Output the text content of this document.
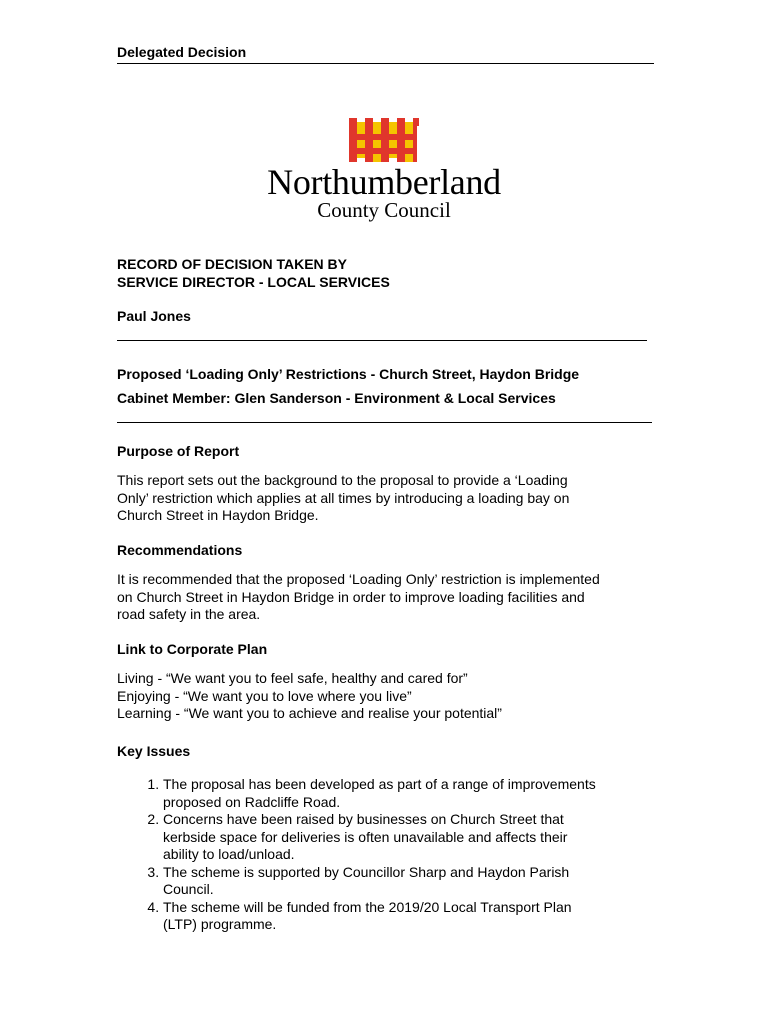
Delegated Decision
Northumberland
County Council
RECORD OF DECISION TAKEN BY
SERVICE DIRECTOR - LOCAL SERVICES
Paul Jones
Proposed ‘Loading Only’ Restrictions - Church Street, Haydon Bridge
Cabinet Member: Glen Sanderson - Environment & Local Services
Purpose of Report
This report sets out the background to the proposal to provide a ‘Loading
Only’ restriction which applies at all times by introducing a loading bay on
Church Street in Haydon Bridge.
Recommendations
It is recommended that the proposed ‘Loading Only’ restriction is implemented
on Church Street in Haydon Bridge in order to improve loading facilities and
road safety in the area.
Link to Corporate Plan
Living - “We want you to feel safe, healthy and cared for”
Enjoying - “We want you to love where you live”
Learning - “We want you to achieve and realise your potential”
Key Issues
1. The proposal has been developed as part of a range of improvements
proposed on Radcliffe Road.
2. Concerns have been raised by businesses on Church Street that
kerbside space for deliveries is often unavailable and affects their
ability to load/unload.
3. The scheme is supported by Councillor Sharp and Haydon Parish
Council.
4. The scheme will be funded from the 2019/20 Local Transport Plan
(LTP) programme.
